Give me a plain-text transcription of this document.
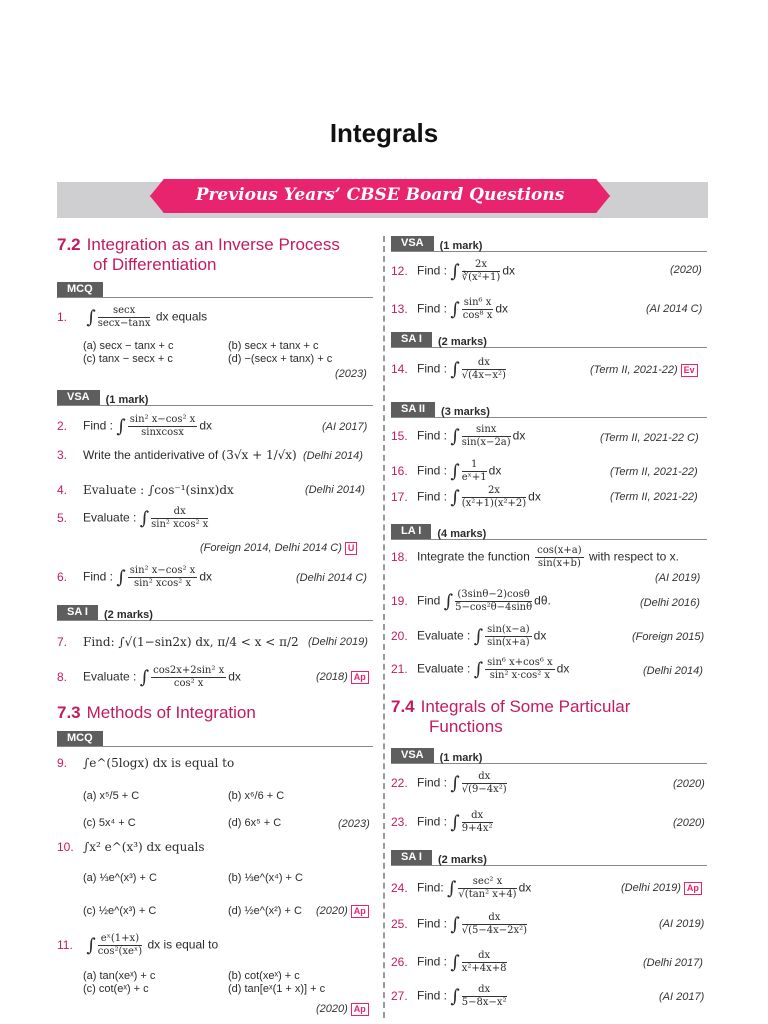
Integrals
Previous Years’ CBSE Board Questions
7.2 Integration as an Inverse Process
of Differentiation
MCQ
1. ∫ $\frac{\sec x}{\sec x-\tan x}$ dx equals
(a) secx − tanx + c	(b) secx + tanx + c
(c) tanx − secx + c	(d) −(secx + tanx) + c
(2023)
VSA (1 mark)
2. Find : ∫ $\frac{\text{sin² x−cos² x}}{\text{sinxcosx}}$ dx	(AI 2017)
3. Write the antiderivative of (3√x + 1/√x) (Delhi 2014)
4. Evaluate : ∫cos⁻¹(sinx)dx	(Delhi 2014)
5. Evaluate : ∫ $\frac{dx}{\text{sin² xcos² x}}$
(Foreign 2014, Delhi 2014 C) U
6. Find : ∫ $\frac{\text{sin² x−cos² x}}{\text{sin² xcos² x}}$ dx	(Delhi 2014 C)
SA I (2 marks)
7. Find: ∫√(1−sin2x) dx, π/4 < x < π/2 (Delhi 2019)
8. Evaluate : ∫ $\frac{\text{cos2x+2sin² x}}{\text{cos² x}}$ dx	(2018) Ap
7.3 Methods of Integration
MCQ
9. ∫e^(5logx) dx is equal to
(a) x⁵/5 + C	(b) x⁶/6 + C
(c) 5x⁴ + C	(d) 6x⁵ + C	(2023)
10. ∫x² e^(x³) dx equals
(a) ⅓e^(x³) + C	(b) ⅓e^(x⁴) + C
(c) ½e^(x³) + C	(d) ½e^(x²) + C (2020) Ap
11. ∫ $\frac{\text{eˣ(1+x)}}{\text{cos²(xeˣ)}}$ dx is equal to
(a) tan(xeˣ) + c	(b) cot(xeˣ) + c
(c) cot(eˣ) + c	(d) tan[eˣ(1 + x)] + c
(2020) Ap
VSA (1 mark)
12. Find : ∫ $\frac{2x}{\text{∛(x²+1)}}$ dx	(2020)
13. Find : ∫ $\frac{\text{sin⁶ x}}{\text{cos⁸ x}}$ dx	(AI 2014 C)
SA I (2 marks)
14. Find : ∫ $\frac{dx}{\text{√(4x−x²)}}$	(Term II, 2021-22) Ev
SA II (3 marks)
15. Find : ∫ $\frac{\sin x}{\sin(x-2a)}$ dx	(Term II, 2021-22 C)
16. Find : ∫ $\frac{1}{\text{eˣ+1}}$ dx	(Term II, 2021-22)
17. Find : ∫ $\frac{2x}{\text{(x²+1)(x²+2)}}$ dx	(Term II, 2021-22)
LA I (4 marks)
18. Integrate the function $\frac{\cos(x+a)}{\sin(x+b)}$ with respect to x.
(AI 2019)
19. Find ∫ $\frac{(3\sin\theta-2)\cos\theta}{\text{5−cos²θ−4sinθ}} d\theta$.	(Delhi 2016)
20. Evaluate : ∫ $\frac{\sin(x-a)}{\sin(x+a)}$ dx	(Foreign 2015)
21. Evaluate : ∫ $\frac{\text{sin⁶ x+cos⁶ x}}{\text{sin² x·cos² x}}$ dx	(Delhi 2014)
7.4 Integrals of Some Particular
Functions
VSA (1 mark)
22. Find : ∫ $\frac{dx}{\text{√(9−4x²)}}$	(2020)
23. Find : ∫ $\frac{dx}{\text{9+4x²}}$	(2020)
SA I (2 marks)
24. Find: ∫ $\frac{\text{sec² x}}{\text{√(tan² x+4)}}$ dx	(Delhi 2019) Ap
25. Find : ∫ $\frac{dx}{\text{√(5−4x−2x²)}}$	(AI 2019)
26. Find : ∫ $\frac{dx}{\text{x²+4x+8}}$	(Delhi 2017)
27. Find : ∫ $\frac{dx}{\text{5−8x−x²}}$	(AI 2017)
